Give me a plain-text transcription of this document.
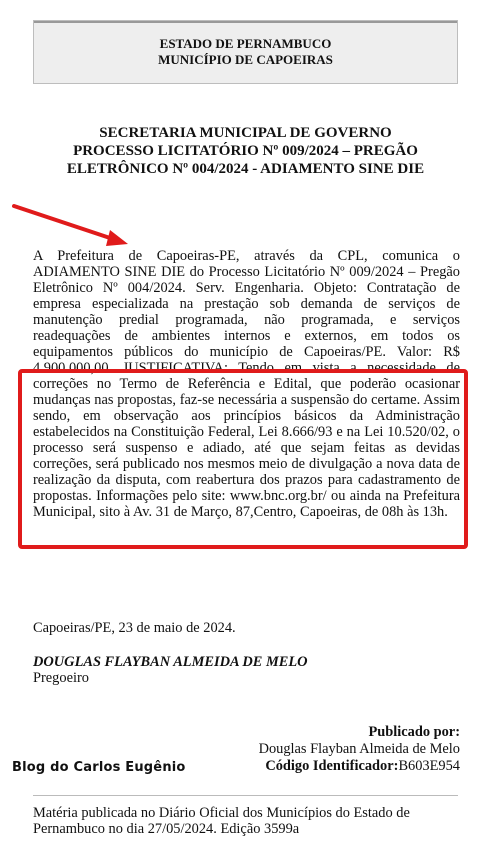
ESTADO DE PERNAMBUCO
MUNICÍPIO DE CAPOEIRAS
SECRETARIA MUNICIPAL DE GOVERNO
PROCESSO LICITATÓRIO Nº 009/2024 – PREGÃO
ELETRÔNICO Nº 004/2024 - ADIAMENTO SINE DIE

A Prefeitura de Capoeiras-PE, através da CPL, comunica o ADIAMENTO SINE DIE do Processo Licitatório Nº 009/2024 – Pregão Eletrônico Nº 004/2024. Serv. Engenharia. Objeto: Contratação de empresa especializada na prestação sob demanda de serviços de manutenção predial programada, não programada, e serviços readequações de ambientes internos e externos, em todos os equipamentos públicos do município de Capoeiras/PE. Valor: R$ 4.900.000,00. JUSTIFICATIVA: Tendo em vista a necessidade de correções no Termo de Referência e Edital, que poderão ocasionar mudanças nas propostas, faz-se necessária a suspensão do certame. Assim sendo, em observação aos princípios básicos da Administração estabelecidos na Constituição Federal, Lei 8.666/93 e na Lei 10.520/02, o processo será suspenso e adiado, até que sejam feitas as devidas correções, será publicado nos mesmos meio de divulgação a nova data de realização da disputa, com reabertura dos prazos para cadastramento de propostas. Informações pelo site: www.bnc.org.br/ ou ainda na Prefeitura Municipal, sito à Av. 31 de Março, 87,Centro, Capoeiras, de 08h às 13h.

Capoeiras/PE, 23 de maio de 2024.
DOUGLAS FLAYBAN ALMEIDA DE MELO
Pregoeiro
Publicado por:
Douglas Flayban Almeida de Melo
Código Identificador:B603E954
Blog do Carlos Eugênio
Matéria publicada no Diário Oficial dos Municípios do Estado de Pernambuco no dia 27/05/2024. Edição 3599a
